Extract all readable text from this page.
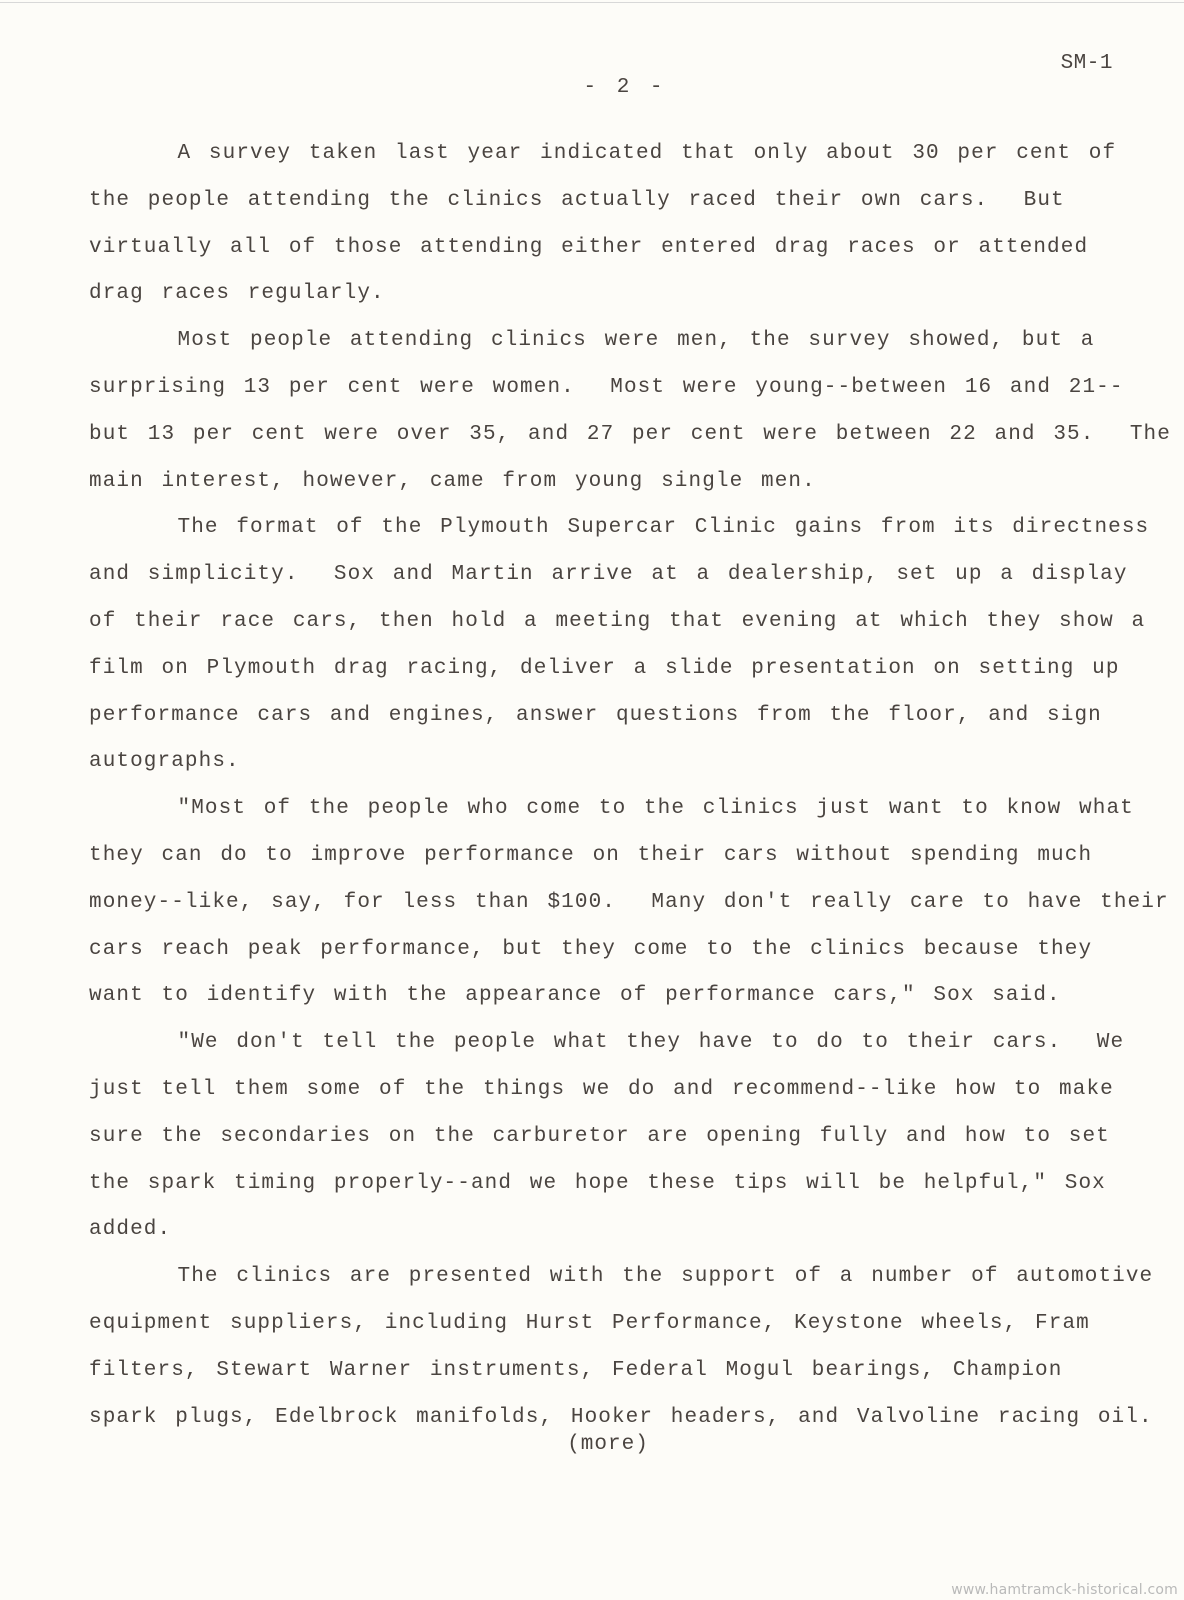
SM-1
- 2 -
A survey taken last year indicated that only about 30 per cent of
the people attending the clinics actually raced their own cars.  But
virtually all of those attending either entered drag races or attended
drag races regularly.
Most people attending clinics were men, the survey showed, but a
surprising 13 per cent were women.  Most were young--between 16 and 21--
but 13 per cent were over 35, and 27 per cent were between 22 and 35.  The
main interest, however, came from young single men.
The format of the Plymouth Supercar Clinic gains from its directness
and simplicity.  Sox and Martin arrive at a dealership, set up a display
of their race cars, then hold a meeting that evening at which they show a
film on Plymouth drag racing, deliver a slide presentation on setting up
performance cars and engines, answer questions from the floor, and sign
autographs.
"Most of the people who come to the clinics just want to know what
they can do to improve performance on their cars without spending much
money--like, say, for less than $100.  Many don't really care to have their
cars reach peak performance, but they come to the clinics because they
want to identify with the appearance of performance cars," Sox said.
"We don't tell the people what they have to do to their cars.  We
just tell them some of the things we do and recommend--like how to make
sure the secondaries on the carburetor are opening fully and how to set
the spark timing properly--and we hope these tips will be helpful," Sox
added.
The clinics are presented with the support of a number of automotive
equipment suppliers, including Hurst Performance, Keystone wheels, Fram
filters, Stewart Warner instruments, Federal Mogul bearings, Champion
spark plugs, Edelbrock manifolds, Hooker headers, and Valvoline racing oil.
(more)
www.hamtramck-historical.com
